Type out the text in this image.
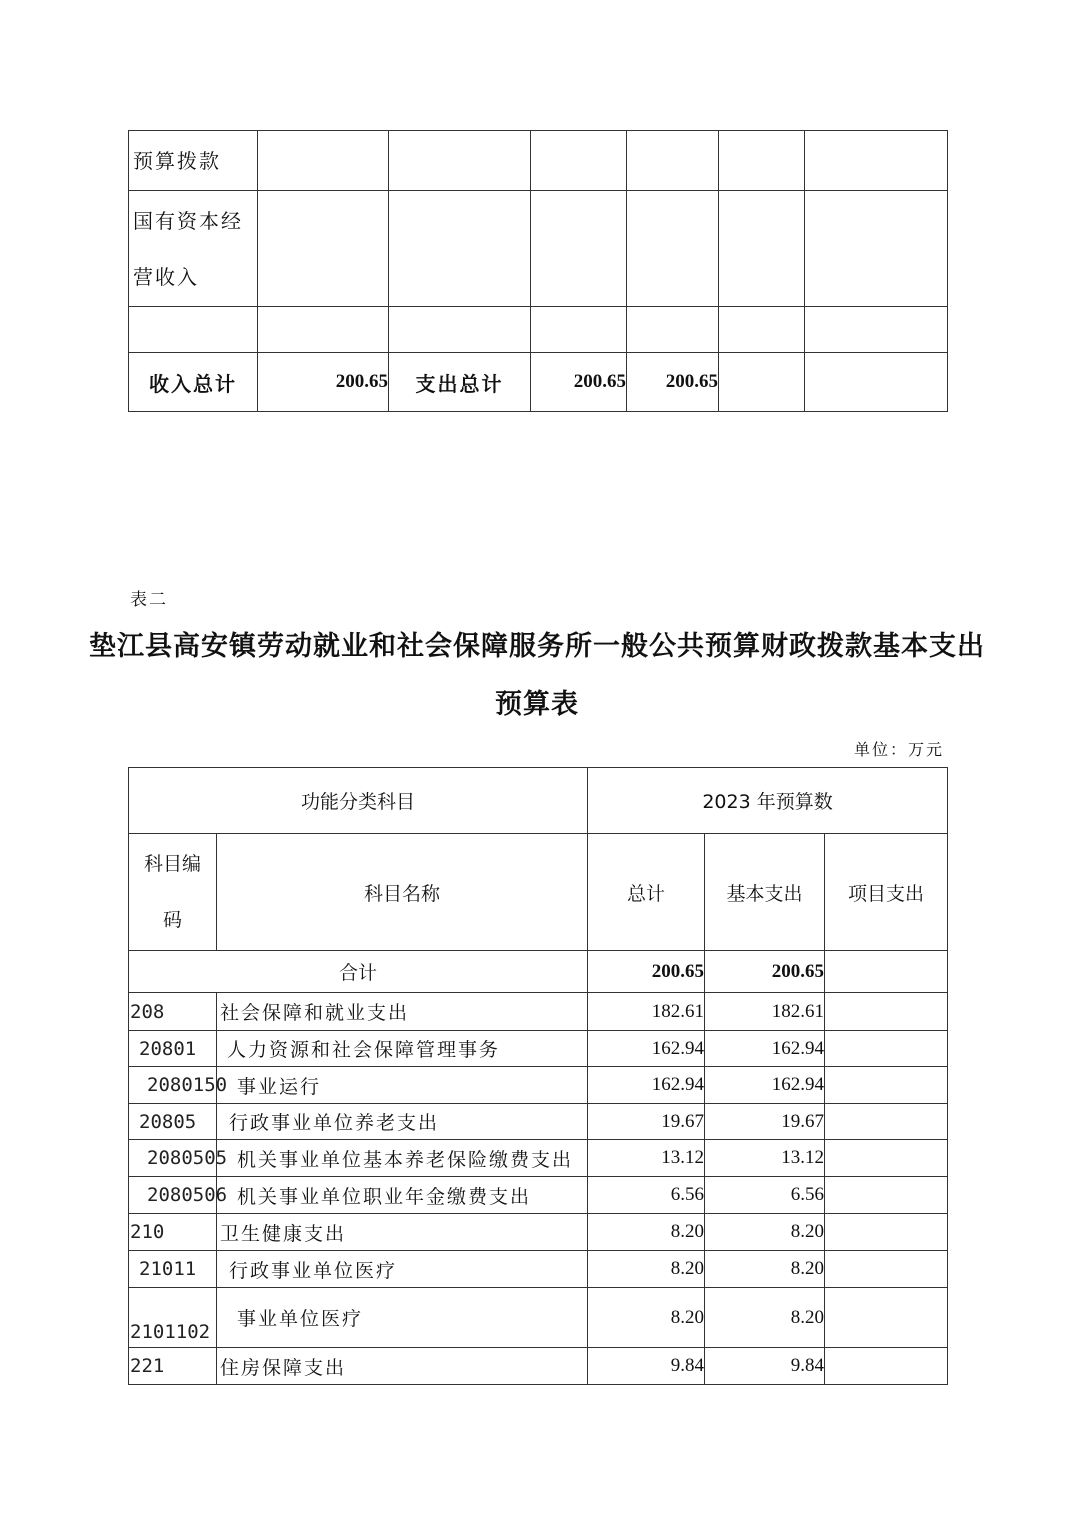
预算拨款						

国有资本经
营收入						

收入总计	200.65	支出总计	200.65	200.65		
表二
垫江县高安镇劳动就业和社会保障服务所一般公共预算财政拨款基本支出
预算表
单位：万元
功能分类科目		2023 年预算数		

科目编
码	科目名称	总计	基本支出	项目支出
合计		200.65	200.65	
208	社会保障和就业支出	182.61	182.61	
20801	人力资源和社会保障管理事务	162.94	162.94	
2080150	事业运行	162.94	162.94	
20805	行政事业单位养老支出	19.67	19.67	
2080505	机关事业单位基本养老保险缴费支出	13.12	13.12	
2080506	机关事业单位职业年金缴费支出	6.56	6.56	
210	卫生健康支出	8.20	8.20	
21011	行政事业单位医疗	8.20	8.20	
2101102	事业单位医疗	8.20	8.20	
221	住房保障支出	9.84	9.84	
